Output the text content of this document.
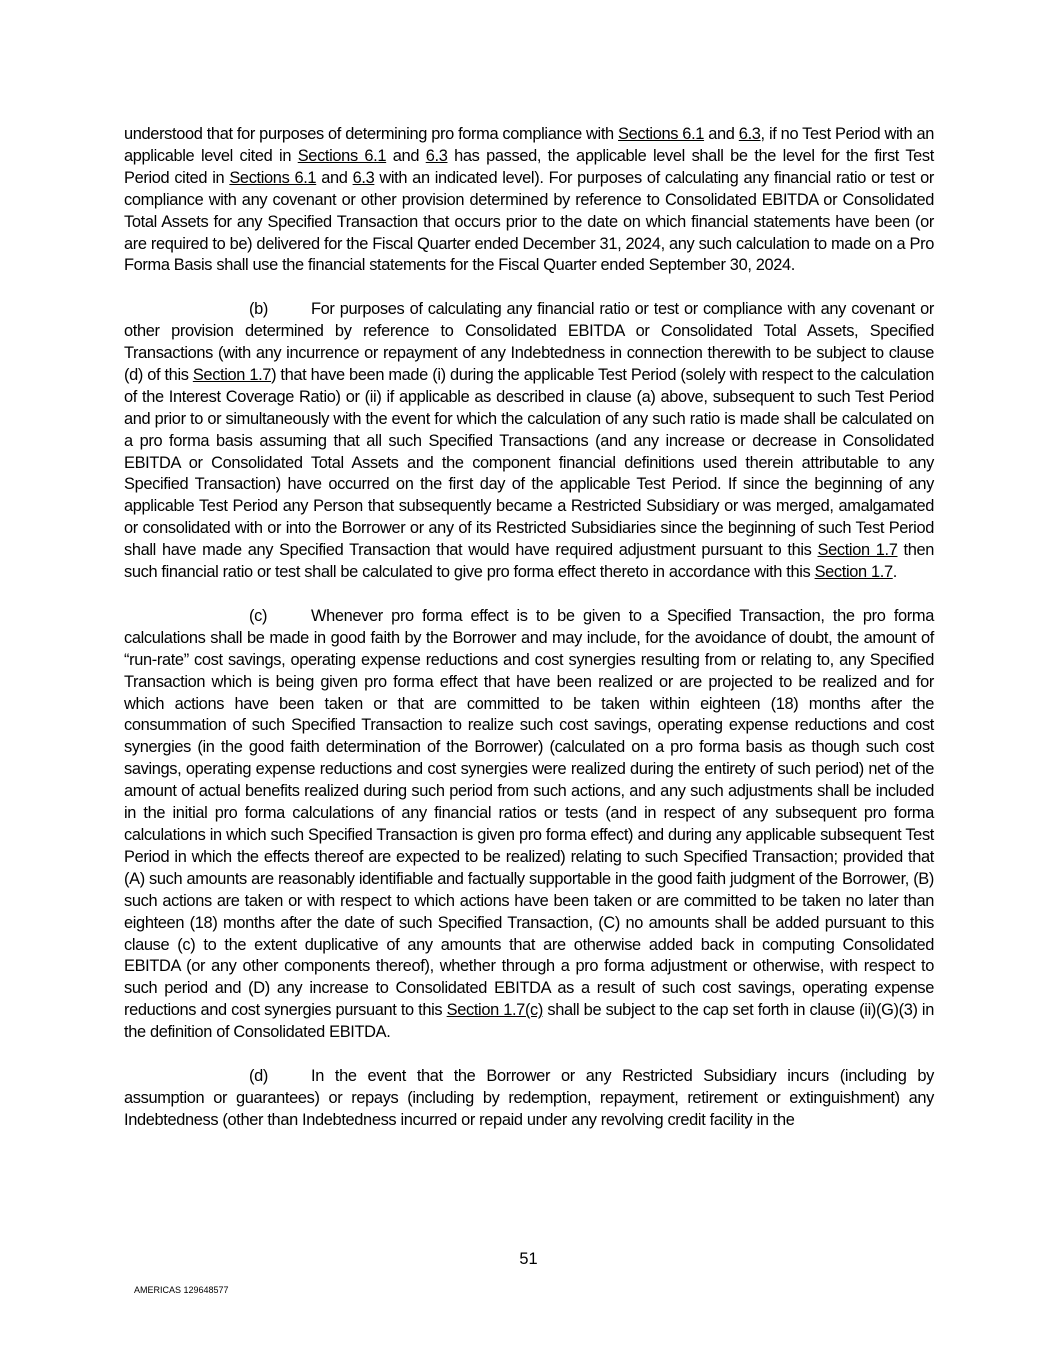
understood that for purposes of determining pro forma compliance with Sections 6.1 and 6.3, if no Test Period with an applicable level cited in Sections 6.1 and 6.3 has passed, the applicable level shall be the level for the first Test Period cited in Sections 6.1 and 6.3 with an indicated level). For purposes of calculating any financial ratio or test or compliance with any covenant or other provision determined by reference to Consolidated EBITDA or Consolidated Total Assets for any Specified Transaction that occurs prior to the date on which financial statements have been (or are required to be) delivered for the Fiscal Quarter ended December 31, 2024, any such calculation to made on a Pro Forma Basis shall use the financial statements for the Fiscal Quarter ended September 30, 2024.

(b)	For purposes of calculating any financial ratio or test or compliance with any covenant or other provision determined by reference to Consolidated EBITDA or Consolidated Total Assets, Specified Transactions (with any incurrence or repayment of any Indebtedness in connection therewith to be subject to clause (d) of this Section 1.7) that have been made (i) during the applicable Test Period (solely with respect to the calculation of the Interest Coverage Ratio) or (ii) if applicable as described in clause (a) above, subsequent to such Test Period and prior to or simultaneously with the event for which the calculation of any such ratio is made shall be calculated on a pro forma basis assuming that all such Specified Transactions (and any increase or decrease in Consolidated EBITDA or Consolidated Total Assets and the component financial definitions used therein attributable to any Specified Transaction) have occurred on the first day of the applicable Test Period. If since the beginning of any applicable Test Period any Person that subsequently became a Restricted Subsidiary or was merged, amalgamated or consolidated with or into the Borrower or any of its Restricted Subsidiaries since the beginning of such Test Period shall have made any Specified Transaction that would have required adjustment pursuant to this Section 1.7 then such financial ratio or test shall be calculated to give pro forma effect thereto in accordance with this Section 1.7.

(c)	Whenever pro forma effect is to be given to a Specified Transaction, the pro forma calculations shall be made in good faith by the Borrower and may include, for the avoidance of doubt, the amount of “run-rate” cost savings, operating expense reductions and cost synergies resulting from or relating to, any Specified Transaction which is being given pro forma effect that have been realized or are projected to be realized and for which actions have been taken or that are committed to be taken within eighteen (18) months after the consummation of such Specified Transaction to realize such cost savings, operating expense reductions and cost synergies (in the good faith determination of the Borrower) (calculated on a pro forma basis as though such cost savings, operating expense reductions and cost synergies were realized during the entirety of such period) net of the amount of actual benefits realized during such period from such actions, and any such adjustments shall be included in the initial pro forma calculations of any financial ratios or tests (and in respect of any subsequent pro forma calculations in which such Specified Transaction is given pro forma effect) and during any applicable subsequent Test Period in which the effects thereof are expected to be realized) relating to such Specified Transaction; provided that (A) such amounts are reasonably identifiable and factually supportable in the good faith judgment of the Borrower, (B) such actions are taken or with respect to which actions have been taken or are committed to be taken no later than eighteen (18) months after the date of such Specified Transaction, (C) no amounts shall be added pursuant to this clause (c) to the extent duplicative of any amounts that are otherwise added back in computing Consolidated EBITDA (or any other components thereof), whether through a pro forma adjustment or otherwise, with respect to such period and (D) any increase to Consolidated EBITDA as a result of such cost savings, operating expense reductions and cost synergies pursuant to this Section 1.7(c) shall be subject to the cap set forth in clause (ii)(G)(3) in the definition of Consolidated EBITDA.

(d)	In the event that the Borrower or any Restricted Subsidiary incurs (including by assumption or guarantees) or repays (including by redemption, repayment, retirement or extinguishment) any Indebtedness (other than Indebtedness incurred or repaid under any revolving credit facility in the

51
AMERICAS 129648577
